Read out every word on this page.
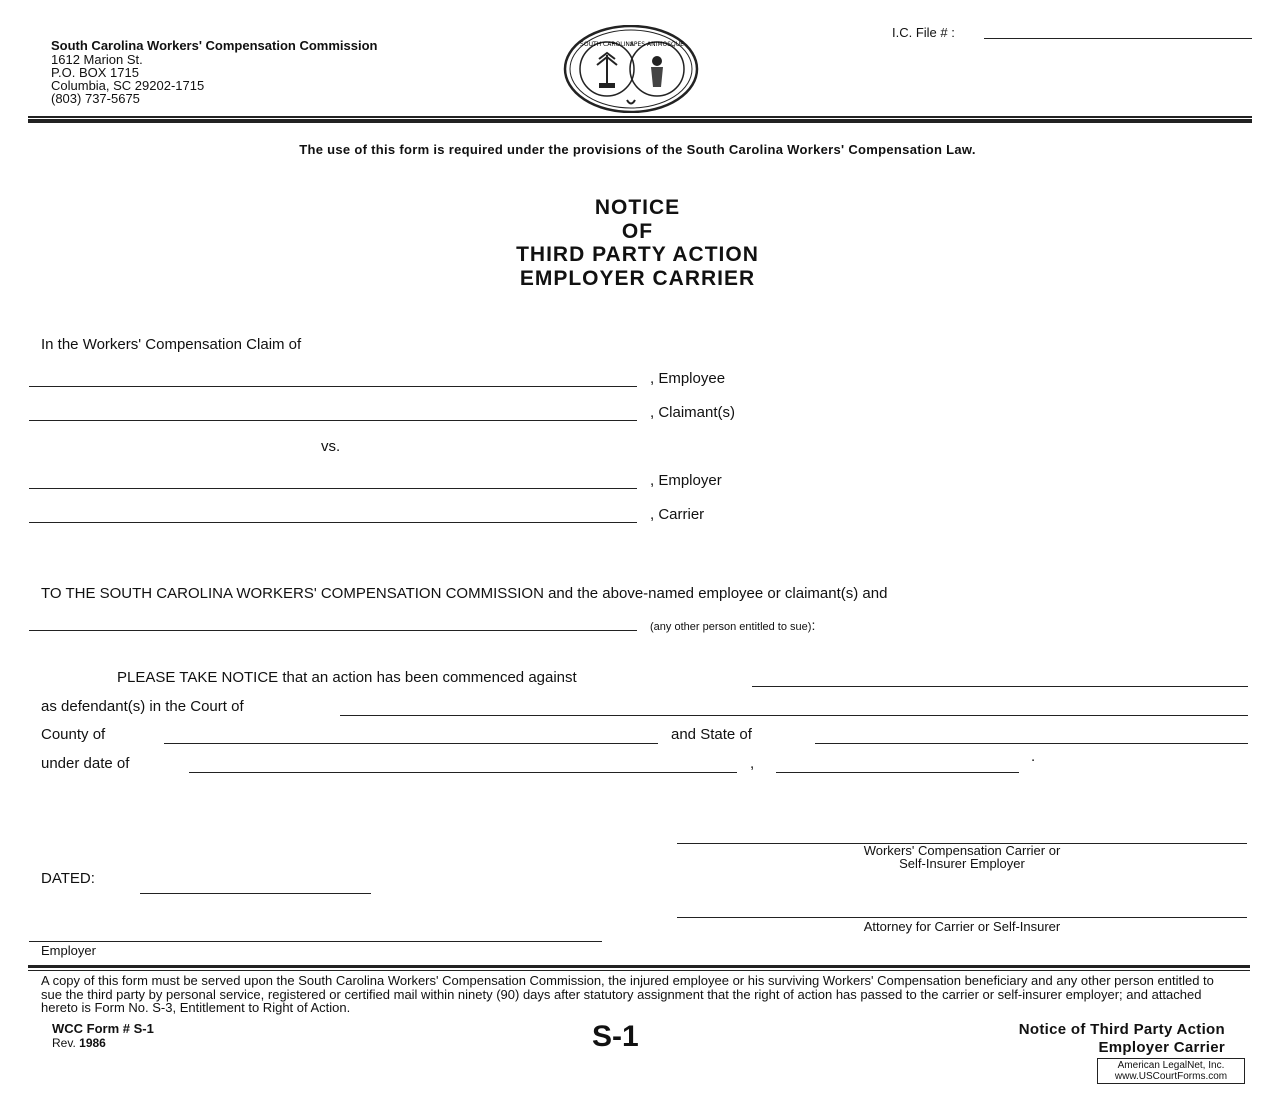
South Carolina Workers' Compensation Commission
1612 Marion St.
P.O. BOX 1715
Columbia, SC 29202-1715
(803) 737-5675
SOUTH CAROLINA
SPES ANIMOSQUE
I.C. File # :
The use of this form is required under the provisions of the South Carolina Workers' Compensation Law.
NOTICE
OF
THIRD PARTY ACTION
EMPLOYER CARRIER
In the Workers' Compensation Claim of
, Employee
, Claimant(s)
vs.
, Employer
, Carrier
TO THE SOUTH CAROLINA WORKERS' COMPENSATION COMMISSION and the above-named employee or claimant(s) and
(any other person entitled to sue):
PLEASE TAKE NOTICE that an action has been commenced against
as defendant(s) in the Court of
County of	and State of
under date of	,	.
Workers' Compensation Carrier or
Self-Insurer Employer
DATED:
Attorney for Carrier or Self-Insurer
Employer
A copy of this form must be served upon the South Carolina Workers' Compensation Commission, the injured employee or his surviving Workers' Compensation beneficiary and any other person entitled to sue the third party by personal service, registered or certified mail within ninety (90) days after statutory assignment that the right of action has passed to the carrier or self-insurer employer; and attached hereto is Form No. S-3, Entitlement to Right of Action.
WCC Form # S-1
Rev. 1986	S-1	Notice of Third Party Action
Employer Carrier
American LegalNet, Inc.
www.USCourtForms.com
